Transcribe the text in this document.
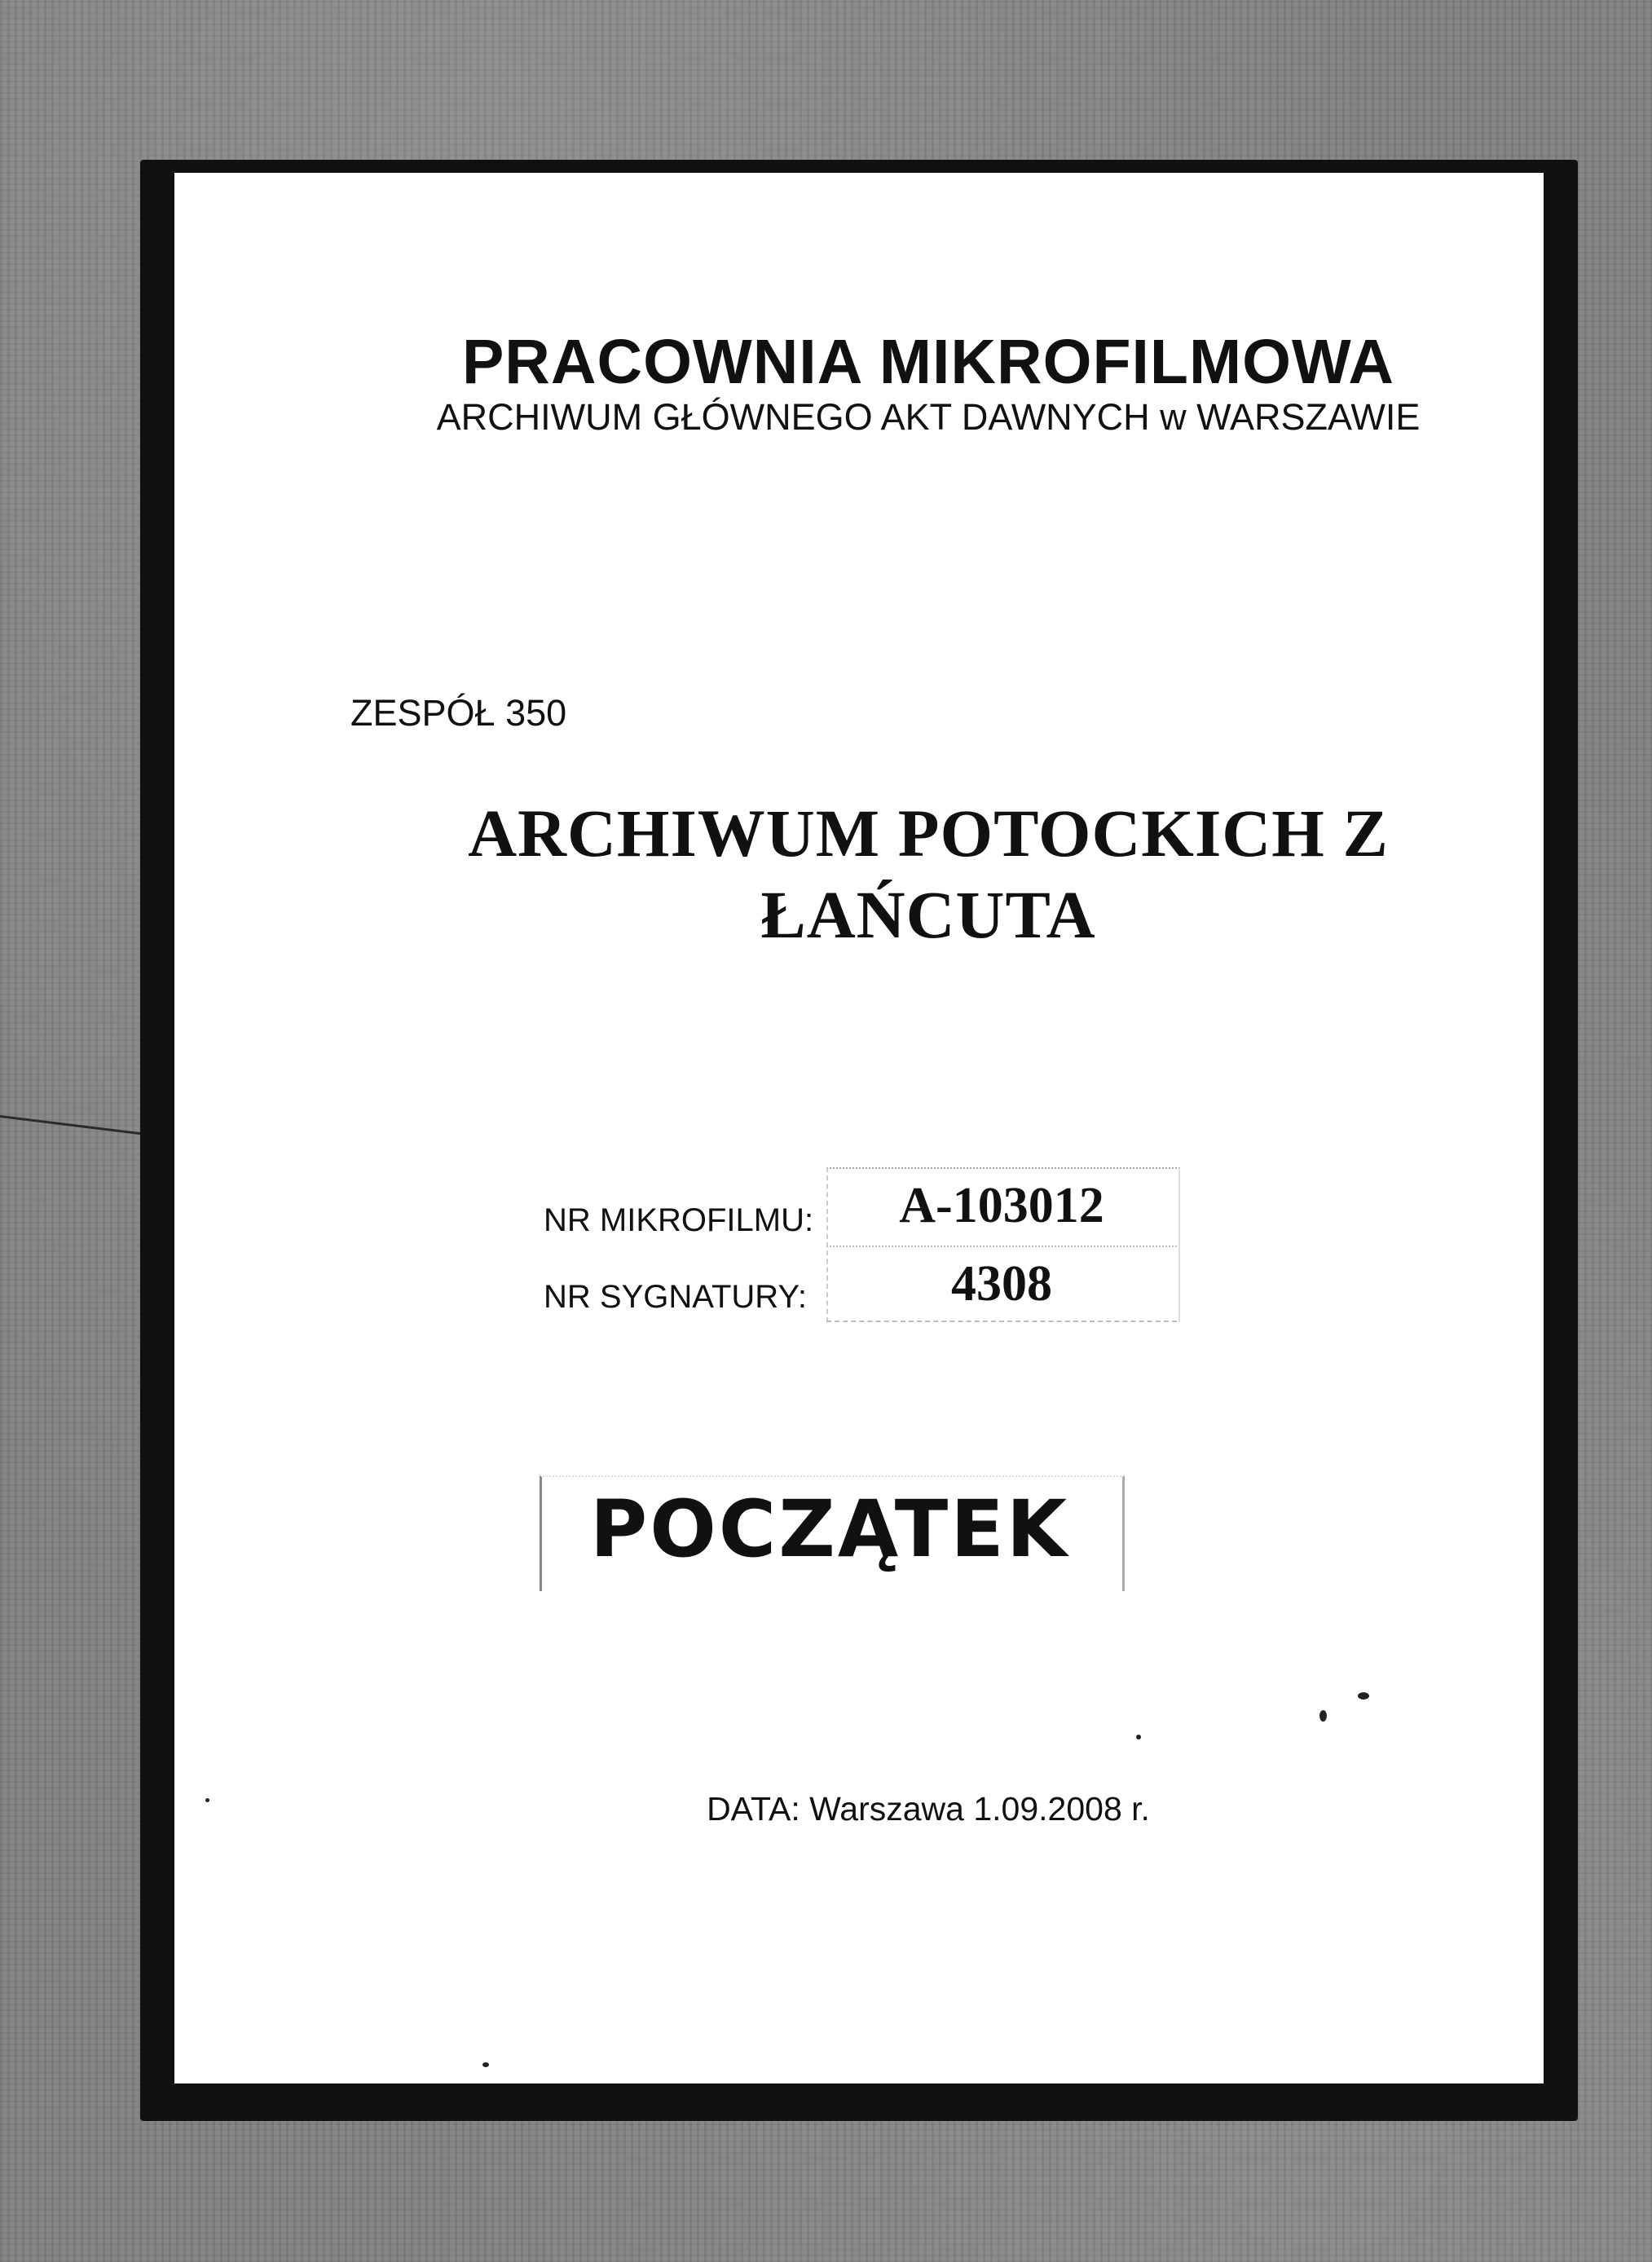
PRACOWNIA MIKROFILMOWA
ARCHIWUM GŁÓWNEGO AKT DAWNYCH w WARSZAWIE
ZESPÓŁ 350
ARCHIWUM POTOCKICH Z
ŁAŃCUTA
NR MIKROFILMU:
NR SYGNATURY:
A-103012
4308
POCZĄTEK
DATA: Warszawa 1.09.2008 r.
